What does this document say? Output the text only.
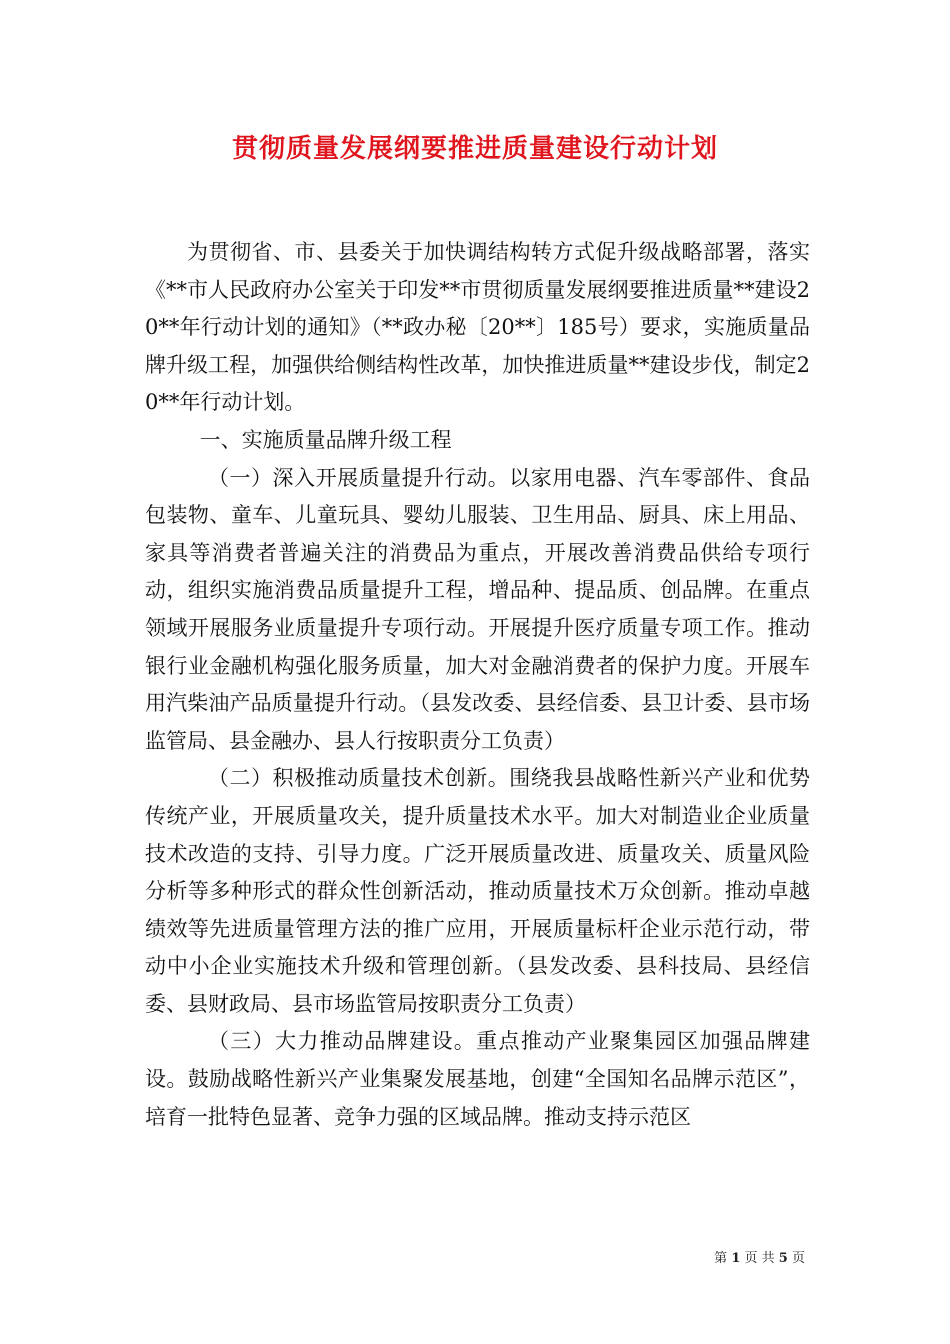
贯彻质量发展纲要推进质量建设行动计划

为贯彻省、市、县委关于加快调结构转方式促升级战略部署，落实《**市人民政府办公室关于印发**市贯彻质量发展纲要推进质量**建设20**年行动计划的通知》（**政办秘〔20**〕185号）要求，实施质量品牌升级工程，加强供给侧结构性改革，加快推进质量**建设步伐，制定20**年行动计划。

一、实施质量品牌升级工程

（一）深入开展质量提升行动。以家用电器、汽车零部件、食品包装物、童车、儿童玩具、婴幼儿服装、卫生用品、厨具、床上用品、家具等消费者普遍关注的消费品为重点，开展改善消费品供给专项行动，组织实施消费品质量提升工程，增品种、提品质、创品牌。在重点领域开展服务业质量提升专项行动。开展提升医疗质量专项工作。推动银行业金融机构强化服务质量，加大对金融消费者的保护力度。开展车用汽柴油产品质量提升行动。（县发改委、县经信委、县卫计委、县市场监管局、县金融办、县人行按职责分工负责）

（二）积极推动质量技术创新。围绕我县战略性新兴产业和优势传统产业，开展质量攻关，提升质量技术水平。加大对制造业企业质量技术改造的支持、引导力度。广泛开展质量改进、质量攻关、质量风险分析等多种形式的群众性创新活动，推动质量技术万众创新。推动卓越绩效等先进质量管理方法的推广应用，开展质量标杆企业示范行动，带动中小企业实施技术升级和管理创新。（县发改委、县科技局、县经信委、县财政局、县市场监管局按职责分工负责）

（三）大力推动品牌建设。重点推动产业聚集园区加强品牌建设。鼓励战略性新兴产业集聚发展基地，创建“全国知名品牌示范区”，培育一批特色显著、竞争力强的区域品牌。推动支持示范区

第 1 页 共 5 页
